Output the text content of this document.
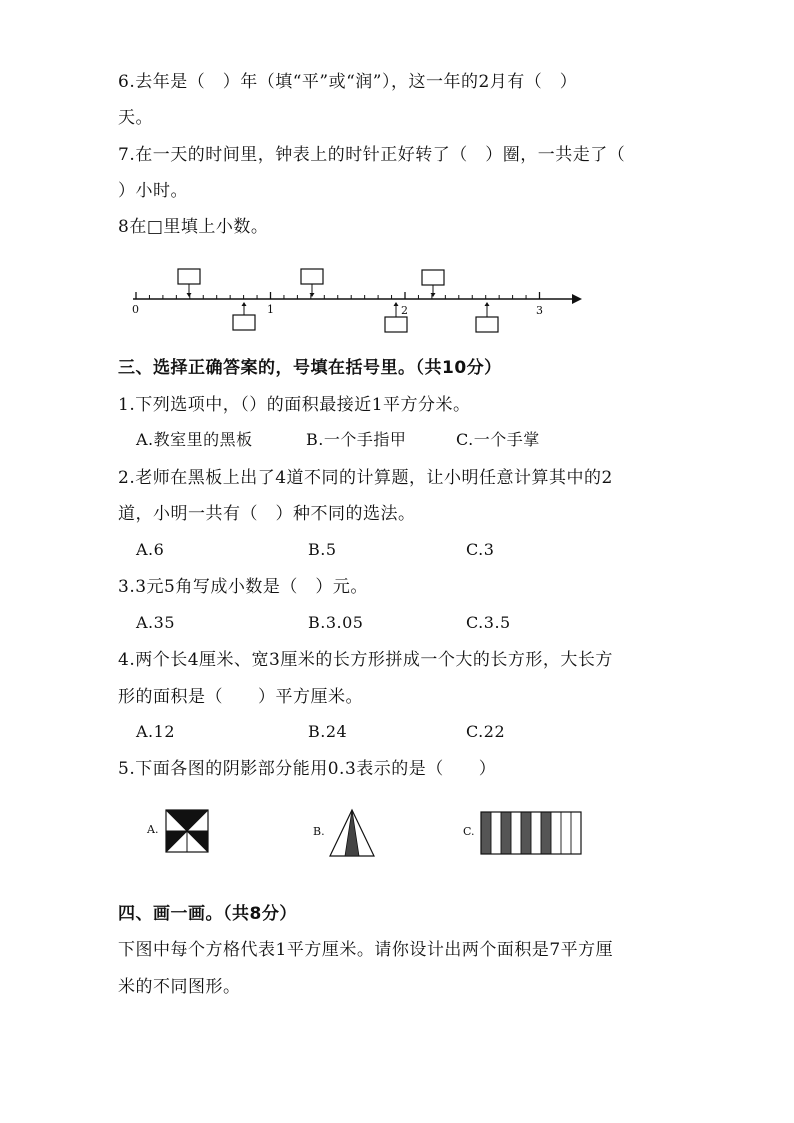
6.去年是（　）年（填“平”或“润”），这一年的2月有（　）
天。
7.在一天的时间里，钟表上的时针正好转了（　）圈，一共走了（
）小时。
8在□里填上小数。
0	1	2	3
三、选择正确答案的，号填在括号里。（共10分）
1.下列选项中，（）的面积最接近1平方分米。
A.教室里的黑板	B.一个手指甲	C.一个手掌
2.老师在黑板上出了4道不同的计算题，让小明任意计算其中的2
道，小明一共有（　）种不同的选法。
A.6	B.5	C.3
3.3元5角写成小数是（　）元。
A.35	B.3.05	C.3.5
4.两个长4厘米、宽3厘米的长方形拼成一个大的长方形，大长方
形的面积是（　　）平方厘米。
A.12	B.24	C.22
5.下面各图的阴影部分能用0.3表示的是（　　）
A.	B.	C.
四、画一画。（共8分）
下图中每个方格代表1平方厘米。请你设计出两个面积是7平方厘
米的不同图形。
